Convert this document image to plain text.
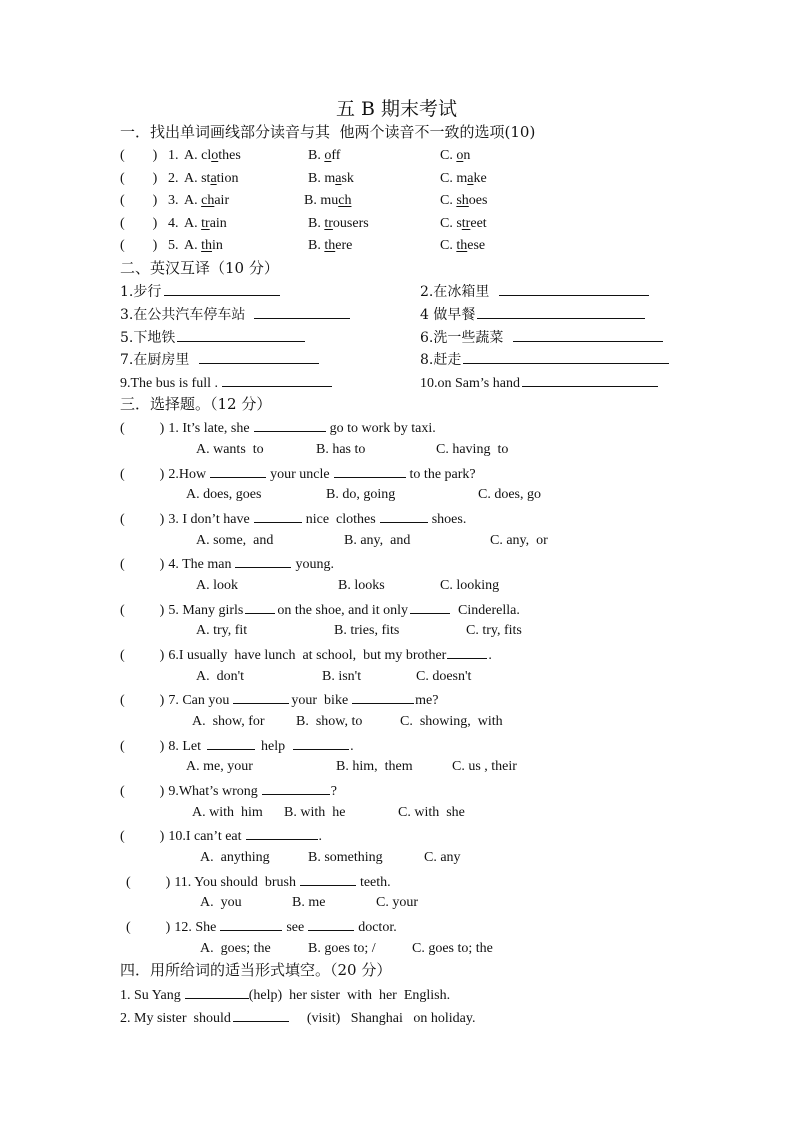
五 B 期末考试
一．找出单词画线部分读音与其  他两个读音不一致的选项(10)
(        ) 1. A. clothes	B. off	C. on
(        ) 2. A. station	B. mask	C. make
(        ) 3. A. chair	B. much	C. shoes
(        ) 4. A. train	B. trousers	C. street
(        ) 5. A. thin	B. there	C. these
二、英汉互译（10 分）
1.步行	2.在冰箱里
3.在公共汽车停车站	4 做早餐
5.下地铁	6.洗一些蔬菜
7.在厨房里	8.赶走
9.The bus is full .	10.on Sam’s hand
三．选择题。（12 分）
(          ) 1. It’s late, she	go to work by taxi.
A. wants  to	B. has to	C. having  to
(          ) 2.How	your uncle	to the park?
A. does, goes	B. do, going	C. does, go
(          ) 3. I don’t have	nice  clothes	shoes.
A. some,  and	B. any,  and	C. any,  or
(          ) 4. The man	young.
A. look	B. looks	C. looking
(          ) 5. Many girls on the shoe, and it only	Cinderella.
A. try, fit	B. tries, fits	C. try, fits
(          ) 6.I usually  have lunch  at school,  but my brother	.
A.  don't	B. isn't	C. doesn't
(          ) 7. Can you	your  bike	me?
A.  show, for B.  show, to	C.  showing,  with
(          ) 8. Let	help	.
A. me, your	B. him,  them	C. us , their
(          ) 9.What’s wrong	?
A. with  him B. with  he	C. with  she
(          ) 10.I can’t eat	.
A.  anything	B. something	C. any
(          ) 11. You should  brush	teeth.
A.  you	B. me	C. your
(          ) 12. She	see	doctor.
A.  goes; the	B. goes to; /	C. goes to; the
四．用所给词的适当形式填空。（20 分）
1. Su Yang	(help)  her sister  with  her  English.
2. My sister  should	(visit)   Shanghai   on holiday.
